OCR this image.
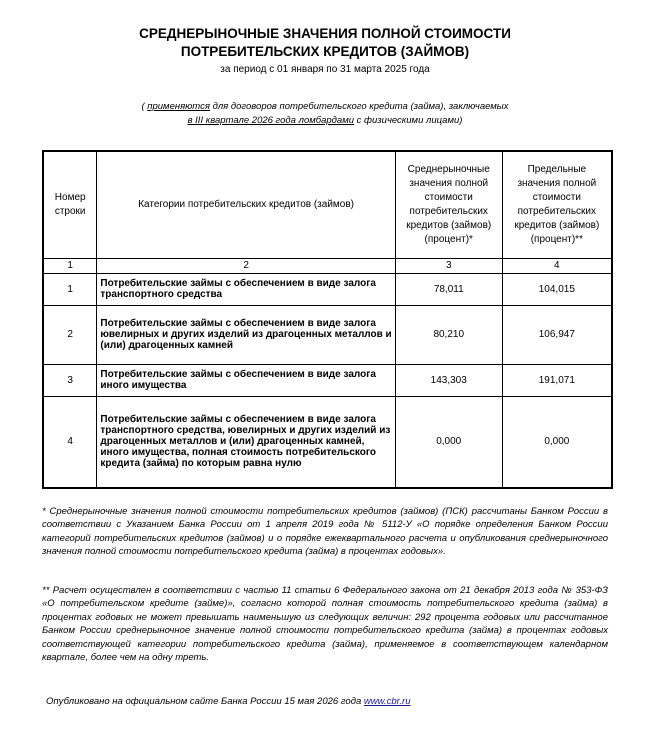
СРЕДНЕРЫНОЧНЫЕ ЗНАЧЕНИЯ ПОЛНОЙ СТОИМОСТИ
ПОТРЕБИТЕЛЬСКИХ КРЕДИТОВ (ЗАЙМОВ)
за период с 01 января по 31 марта 2025 года
( применяются для договоров потребительского кредита (займа), заключаемых
в III квартале 2026 года ломбардами с физическими лицами)
Номер строки	Категории потребительских кредитов (займов)	Среднерыночные значения полной стоимости потребительских кредитов (займов) (процент)*	Предельные значения полной стоимости потребительских кредитов (займов) (процент)**
1	2	3	4
1	Потребительские займы с обеспечением в виде залога транспортного средства	78,011	104,015
2	Потребительские займы с обеспечением в виде залога ювелирных и других изделий из драгоценных металлов и (или) драгоценных камней	80,210	106,947
3	Потребительские займы с обеспечением в виде залога иного имущества	143,303	191,071
4	Потребительские займы с обеспечением в виде залога транспортного средства, ювелирных и других изделий из драгоценных металлов и (или) драгоценных камней, иного имущества, полная стоимость потребительского кредита (займа) по которым равна нулю	0,000	0,000
* Среднерыночные значения полной стоимости потребительских кредитов (займов) (ПСК) рассчитаны Банком России в соответствии с Указанием Банка России от 1 апреля 2019 года № 5112-У «О порядке определения Банком России категорий потребительских кредитов (займов) и о порядке ежеквартального расчета и опубликования среднерыночного значения полной стоимости потребительского кредита (займа) в процентах годовых».
** Расчет осуществлен в соответствии с частью 11 статьи 6 Федерального закона от 21 декабря 2013 года № 353-ФЗ «О потребительском кредите (займе)», согласно которой полная стоимость потребительского кредита (займа) в процентах годовых не может превышать наименьшую из следующих величин: 292 процента годовых или рассчитанное Банком России среднерыночное значение полной стоимости потребительского кредита (займа) в процентах годовых соответствующей категории потребительского кредита (займа), применяемое в соответствующем календарном квартале, более чем на одну треть.
Опубликовано на официальном сайте Банка России 15 мая 2026 года www.cbr.ru
